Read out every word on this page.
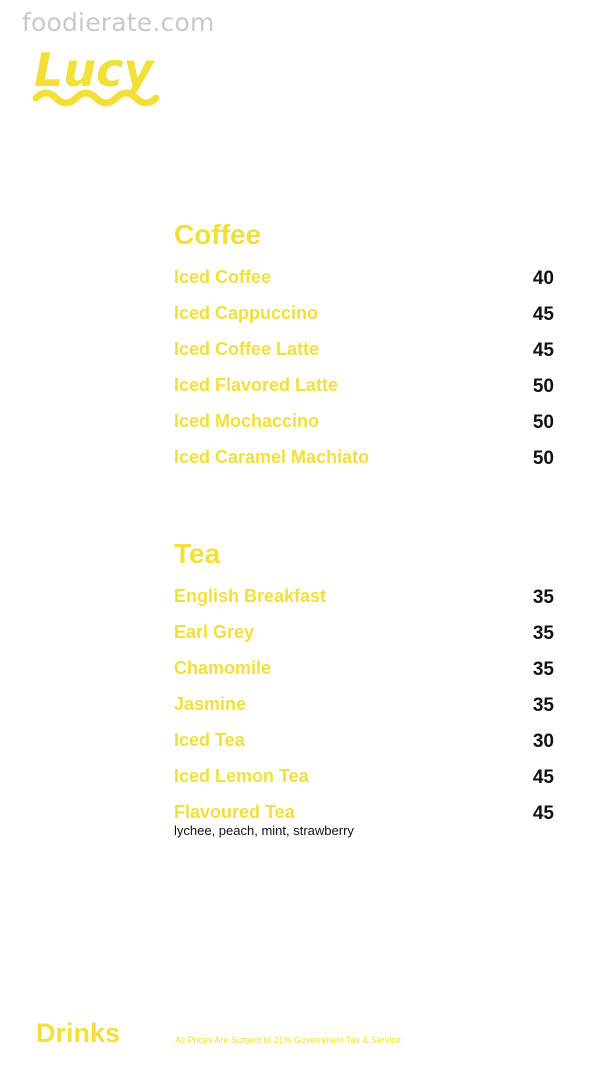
foodierate.com
Lucy
Coffee
Iced Coffee	40
Iced Cappuccino	45
Iced Coffee Latte	45
Iced Flavored Latte	50
Iced Mochaccino	50
Iced Caramel Machiato	50
Tea
English Breakfast	35
Earl Grey	35
Chamomile	35
Jasmine	35
Iced Tea	30
Iced Lemon Tea	45
Flavoured Tea	45
lychee, peach, mint, strawberry
Drinks	All Prices Are Subject to 21% Government Tax & Service
